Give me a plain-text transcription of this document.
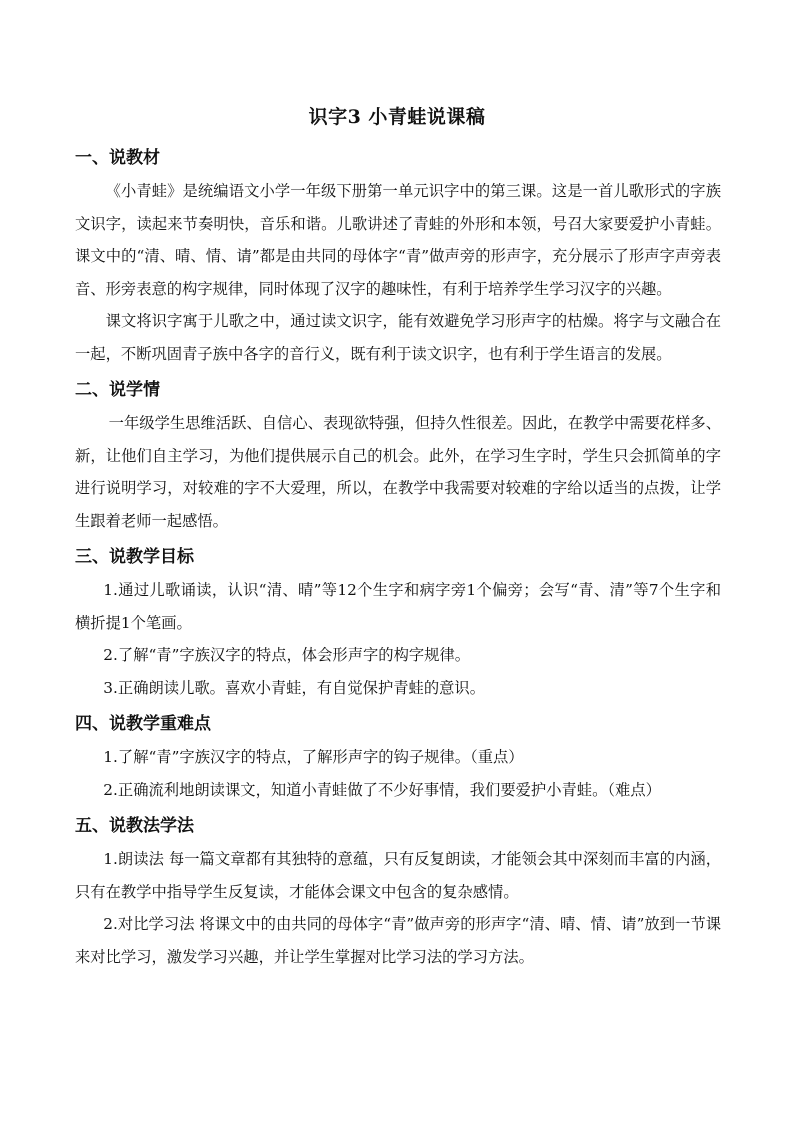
识字3 小青蛙说课稿
一、说教材

《小青蛙》是统编语文小学一年级下册第一单元识字中的第三课。这是一首儿歌形式的字族文识字，读起来节奏明快，音乐和谐。儿歌讲述了青蛙的外形和本领，号召大家要爱护小青蛙。课文中的“清、晴、情、请”都是由共同的母体字“青”做声旁的形声字，充分展示了形声字声旁表音、形旁表意的构字规律，同时体现了汉字的趣味性，有利于培养学生学习汉字的兴趣。

课文将识字寓于儿歌之中，通过读文识字，能有效避免学习形声字的枯燥。将字与文融合在一起，不断巩固青子族中各字的音行义，既有利于读文识字，也有利于学生语言的发展。

二、说学情

一年级学生思维活跃、自信心、表现欲特强，但持久性很差。因此，在教学中需要花样多、新，让他们自主学习，为他们提供展示自己的机会。此外，在学习生字时，学生只会抓简单的字进行说明学习，对较难的字不大爱理，所以，在教学中我需要对较难的字给以适当的点拨，让学生跟着老师一起感悟。

三、说教学目标

1.通过儿歌诵读，认识“清、晴”等12个生字和病字旁1个偏旁；会写“青、清”等7个生字和横折提1个笔画。

2.了解“青”字族汉字的特点，体会形声字的构字规律。

3.正确朗读儿歌。喜欢小青蛙，有自觉保护青蛙的意识。

四、说教学重难点

1.了解“青”字族汉字的特点，了解形声字的钩子规律。（重点）

2.正确流利地朗读课文，知道小青蛙做了不少好事情，我们要爱护小青蛙。（难点）

五、说教法学法

1.朗读法 每一篇文章都有其独特的意蕴，只有反复朗读，才能领会其中深刻而丰富的内涵，只有在教学中指导学生反复读，才能体会课文中包含的复杂感情。

2.对比学习法 将课文中的由共同的母体字“青”做声旁的形声字“清、晴、情、请”放到一节课来对比学习，激发学习兴趣，并让学生掌握对比学习法的学习方法。
